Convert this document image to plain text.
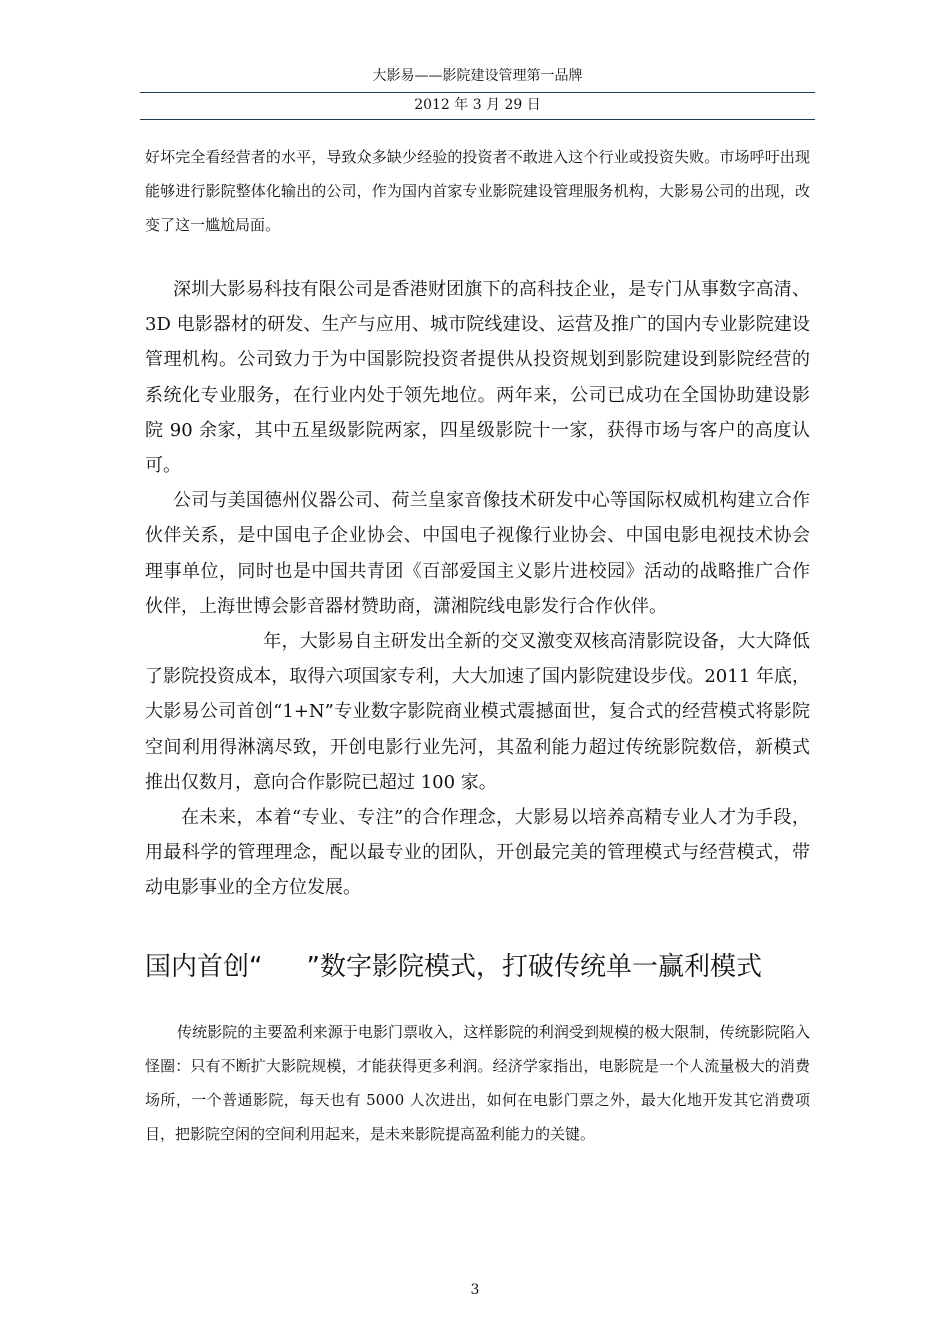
大影易——影院建设管理第一品牌
2012 年 3 月 29 日

好坏完全看经营者的水平，导致众多缺少经验的投资者不敢进入这个行业或投资失败。市场呼吁出现能够进行影院整体化输出的公司，作为国内首家专业影院建设管理服务机构，大影易公司的出现，改变了这一尴尬局面。

深圳大影易科技有限公司是香港财团旗下的高科技企业，是专门从事数字高清、3D 电影器材的研发、生产与应用、城市院线建设、运营及推广的国内专业影院建设管理机构。公司致力于为中国影院投资者提供从投资规划到影院建设到影院经营的系统化专业服务，在行业内处于领先地位。两年来，公司已成功在全国协助建设影院 90 余家，其中五星级影院两家，四星级影院十一家，获得市场与客户的高度认可。

公司与美国德州仪器公司、荷兰皇家音像技术研发中心等国际权威机构建立合作伙伴关系，是中国电子企业协会、中国电子视像行业协会、中国电影电视技术协会理事单位，同时也是中国共青团《百部爱国主义影片进校园》活动的战略推广合作伙伴，上海世博会影音器材赞助商，潇湘院线电影发行合作伙伴。

年，大影易自主研发出全新的交叉激变双核高清影院设备，大大降低了影院投资成本，取得六项国家专利，大大加速了国内影院建设步伐。2011 年底，大影易公司首创“1+N”专业数字影院商业模式震撼面世，复合式的经营模式将影院空间利用得淋漓尽致，开创电影行业先河，其盈利能力超过传统影院数倍，新模式推出仅数月，意向合作影院已超过 100 家。

在未来，本着“专业、专注”的合作理念，大影易以培养高精专业人才为手段，用最科学的管理理念，配以最专业的团队，开创最完美的管理模式与经营模式，带动电影事业的全方位发展。

国内首创“ ”数字影院模式，打破传统单一赢利模式

传统影院的主要盈利来源于电影门票收入，这样影院的利润受到规模的极大限制，传统影院陷入怪圈：只有不断扩大影院规模，才能获得更多利润。经济学家指出，电影院是一个人流量极大的消费场所，一个普通影院，每天也有 5000 人次进出，如何在电影门票之外，最大化地开发其它消费项目，把影院空闲的空间利用起来，是未来影院提高盈利能力的关键。

3
